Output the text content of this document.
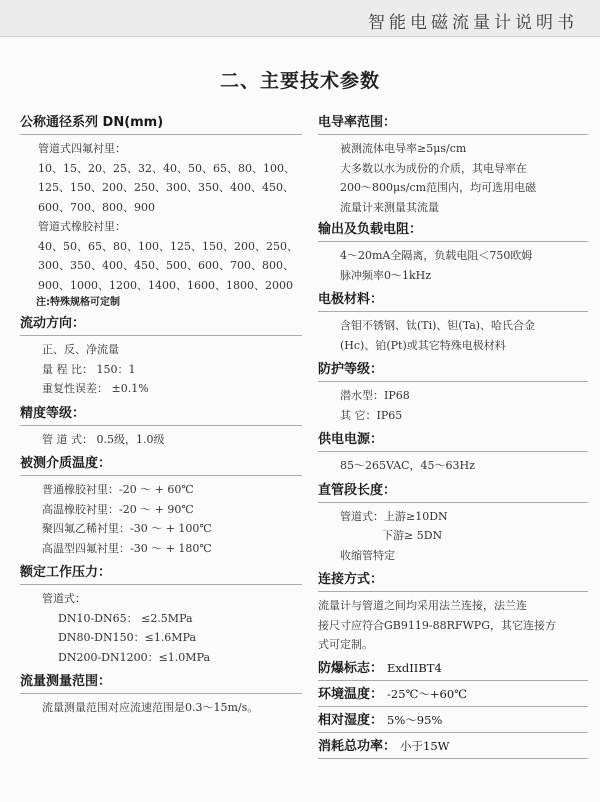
智能电磁流量计说明书
二、主要技术参数
公称通径系列 DN(mm)
管道式四氟衬里：
10、15、20、25、32、40、50、65、80、100、
125、150、200、250、300、350、400、450、
600、700、800、900
管道式橡胶衬里：
40、50、65、80、100、125、150、200、250、
300、350、400、450、500、600、700、800、
900、1000、1200、1400、1600、1800、2000
注:特殊规格可定制
流动方向：
正、反、净流量
量 程 比： 150：1
重复性误差： ±0.1%
精度等级：
管 道 式： 0.5级，1.0级
被测介质温度：
普通橡胶衬里：-20 ～ + 60℃
高温橡胶衬里：-20 ～ + 90℃
聚四氟乙稀衬里：-30 ～ + 100℃
高温型四氟衬里：-30 ～ + 180℃
额定工作压力：
管道式：
DN10-DN65： ≤2.5MPa
DN80-DN150：≤1.6MPa
DN200-DN1200：≤1.0MPa
流量测量范围：
流量测量范围对应流速范围是0.3～15m/s。
电导率范围：
被测流体电导率≥5μs/cm
大多数以水为成份的介质，其电导率在
200～800μs/cm范围内，均可选用电磁
流量计来测量其流量
输出及负载电阻：
4～20mA全隔离，负载电阻＜750欧姆
脉冲频率0～1kHz
电极材料：
含钼不锈钢、钛(Ti)、钽(Ta)、哈氏合金
(Hc)、铂(Pt)或其它特殊电极材料
防护等级：
潜水型：IP68
其 它：IP65
供电电源：
85～265VAC，45～63Hz
直管段长度：
管道式：上游≥10DN
下游≥ 5DN
收缩管特定
连接方式：
流量计与管道之间均采用法兰连接，法兰连
接尺寸应符合GB9119-88RFWPG，其它连接方
式可定制。
防爆标志： ExdIIBT4
环境温度： -25℃～+60℃
相对湿度： 5%～95%
消耗总功率： 小于15W
